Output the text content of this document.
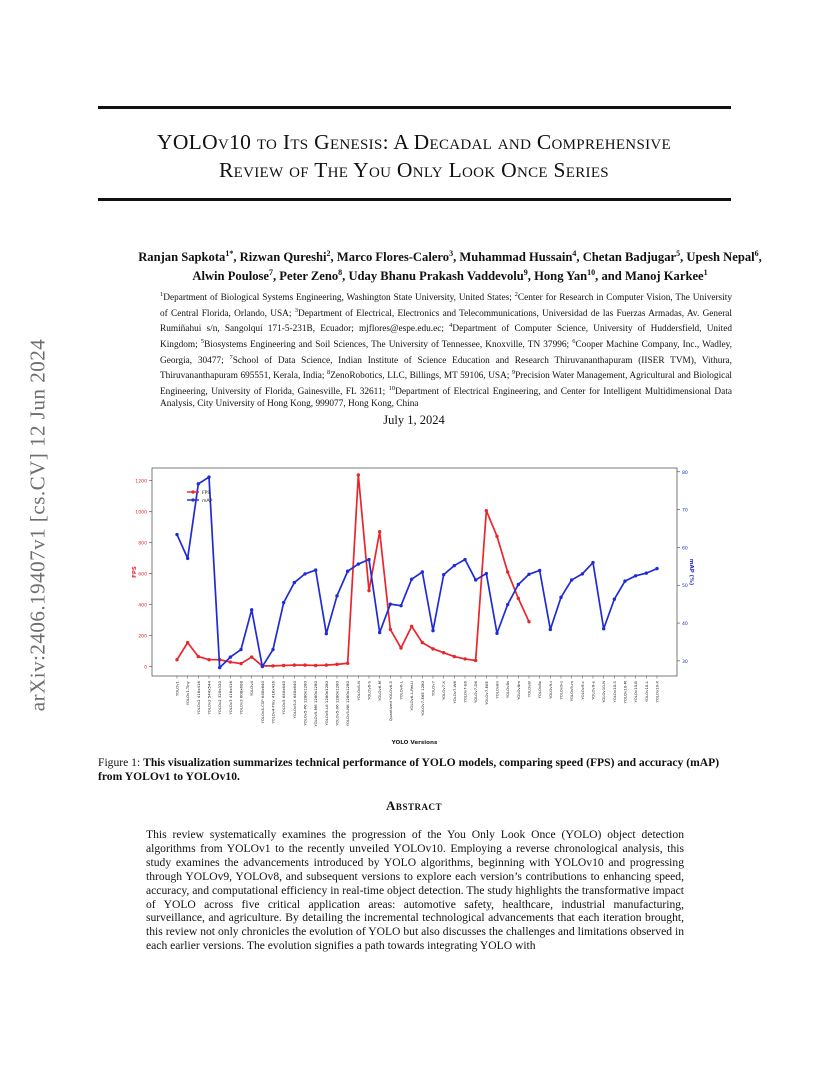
YOLOv10 to Its Genesis: A Decadal and Comprehensive
Review of The You Only Look Once Series
arXiv:2406.19407v1 [cs.CV] 12 Jun 2024
Ranjan Sapkota$^{1*}$, Rizwan Qureshi$^2$, Marco Flores-Calero$^3$, Muhammad Hussain$^4$, Chetan Badjugar$^5$, Upesh Nepal$^6$,
Alwin Poulose$^7$, Peter Zeno$^8$, Uday Bhanu Prakash Vaddevolu$^9$, Hong Yan$^{10}$, and Manoj Karkee$^1$
$^1$Department of Biological Systems Engineering, Washington State University, United States; $^2$Center for Research in Computer Vision, The University of Central Florida, Orlando, USA; $^3$Department of Electrical, Electronics and Telecommunications, Universidad de las Fuerzas Armadas, Av. General Rumiñahui s/n, Sangolquí 171-5-231B, Ecuador; mjflores@espe.edu.ec; $^4$Department of Computer Science, University of Huddersfield, United Kingdom; $^5$Biosystems Engineering and Soil Sciences, The University of Tennessee, Knoxville, TN 37996; $^6$Cooper Machine Company, Inc., Wadley, Georgia, 30477; $^7$School of Data Science, Indian Institute of Science Education and Research Thiruvananthapuram (IISER TVM), Vithura, Thiruvananthapuram 695551, Kerala, India; $^8$ZenoRobotics, LLC, Billings, MT 59106, USA; $^9$Precision Water Management, Agricultural and Biological Engineering, University of Florida, Gainesville, FL 32611; $^{10}$Department of Electrical Engineering, and Center for Intelligent Multidimensional Data Analysis, City University of Hong Kong, 999077, Hong Kong, China
July 1, 2024
0
200
400
600
800
1000
1200
30
40
50
60
70
80
FPS	mAP (%)
YOLOv1 YOLOv1-Tiny YOLOv2 416x416 YOLOv2 544x544 YOLOv2 320x320 YOLOv3 416x416 YOLOv3 608x608 YOLOv4 YOLOv4-CSP 640x640 YOLOv4-Tiny 416x416 YOLOv5 640x640 YOLOv5-X 640x640 YOLOv5-P6 1280x1280 YOLOv5-M6 1280x1280 YOLOv5-L6 1280x1280 YOLOv5-X6 1280x1280 YOLOv5-N6 1280x1280 YOLOv6-N YOLOv6-S YOLOv6-M Quantized YOLOv6-S YOLOv6-L YOLOv6-L-ReLU YOLOv7-E6E 1280 YOLOv7 YOLOv7-X YOLOv7-W6 YOLOv7-E6 YOLOv7-D6 YOLOv7-E6E YOLOv8n YOLOv8s YOLOv8m YOLOv8l YOLOv8x YOLOv9-t YOLOv9-s YOLOv9-m YOLOv9-c YOLOv9-e YOLOv10-N YOLOv10-S YOLOv10-M YOLOv10-B YOLOv10-L YOLOv10-X
YOLO Versions
FPS
mAP
Figure 1: This visualization summarizes technical performance of YOLO models, comparing speed (FPS) and accuracy (mAP) from YOLOv1 to YOLOv10.
Abstract
This review systematically examines the progression of the You Only Look Once (YOLO) object detection algorithms from YOLOv1 to the recently unveiled YOLOv10. Employing a reverse chronological analysis, this study examines the advancements introduced by YOLO algorithms, beginning with YOLOv10 and progressing through YOLOv9, YOLOv8, and subsequent versions to explore each version’s contributions to enhancing speed, accuracy, and computational efficiency in real-time object detection. The study highlights the transformative impact of YOLO across five critical application areas: automotive safety, healthcare, industrial manufacturing, surveillance, and agriculture. By detailing the incremental technological advancements that each iteration brought, this review not only chronicles the evolution of YOLO but also discusses the challenges and limitations observed in each earlier versions. The evolution signifies a path towards integrating YOLO with
